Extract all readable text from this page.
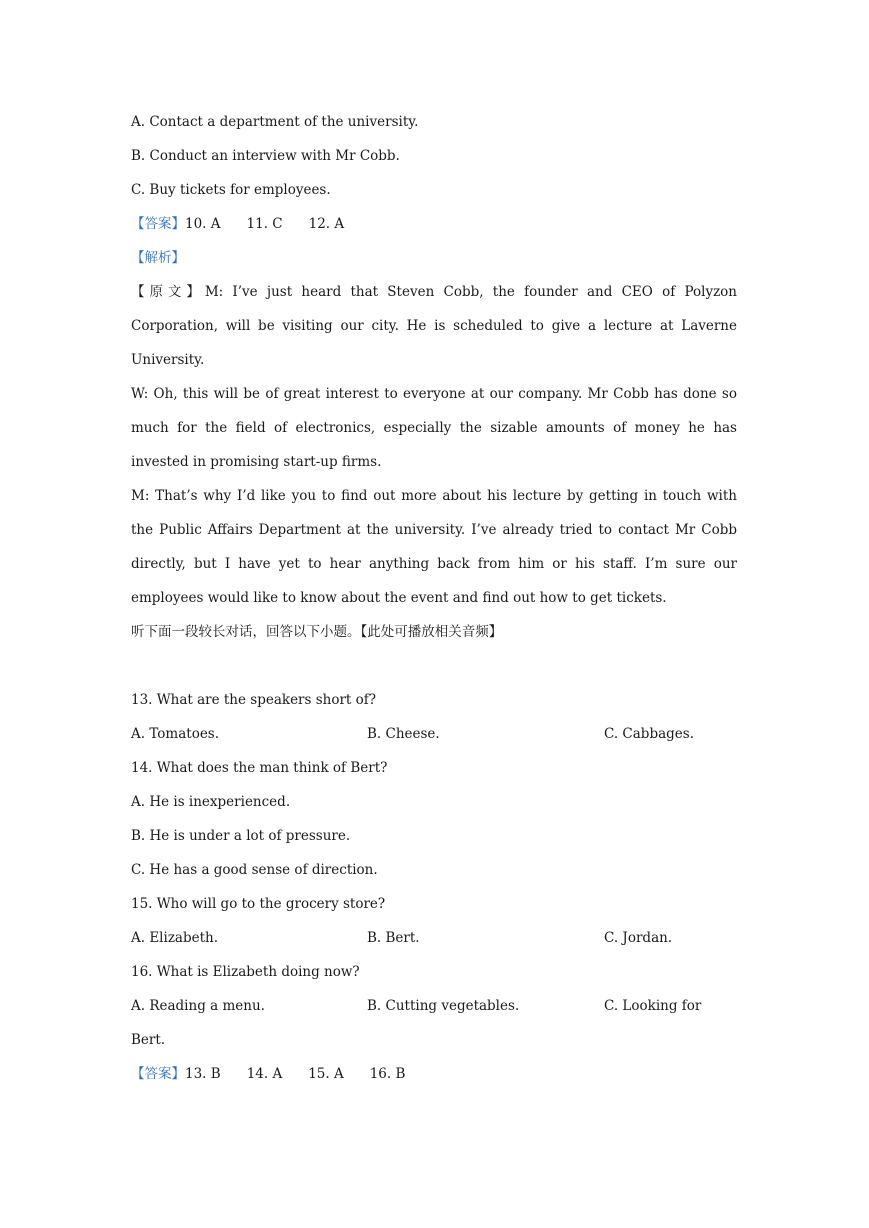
A. Contact a department of the university.
B. Conduct an interview with Mr Cobb.
C. Buy tickets for employees.
【答案】10. A 11. C 12. A
【解析】
【原文】M: I’ve just heard that Steven Cobb, the founder and CEO of Polyzon Corporation, will be visiting our city. He is scheduled to give a lecture at Laverne University.
W: Oh, this will be of great interest to everyone at our company. Mr Cobb has done so much for the field of electronics, especially the sizable amounts of money he has invested in promising start-up firms.
M: That’s why I’d like you to find out more about his lecture by getting in touch with the Public Affairs Department at the university. I’ve already tried to contact Mr Cobb directly, but I have yet to hear anything back from him or his staff. I’m sure our employees would like to know about the event and find out how to get tickets.
听下面一段较长对话，回答以下小题。【此处可播放相关音频】
13. What are the speakers short of?
A. Tomatoes.	B. Cheese.	C. Cabbages.
14. What does the man think of Bert?
A. He is inexperienced.
B. He is under a lot of pressure.
C. He has a good sense of direction.
15. Who will go to the grocery store?
A. Elizabeth.	B. Bert.	C. Jordan.
16. What is Elizabeth doing now?
A. Reading a menu.	B. Cutting vegetables.	C. Looking for
Bert.
【答案】13. B 14. A 15. A 16. B
